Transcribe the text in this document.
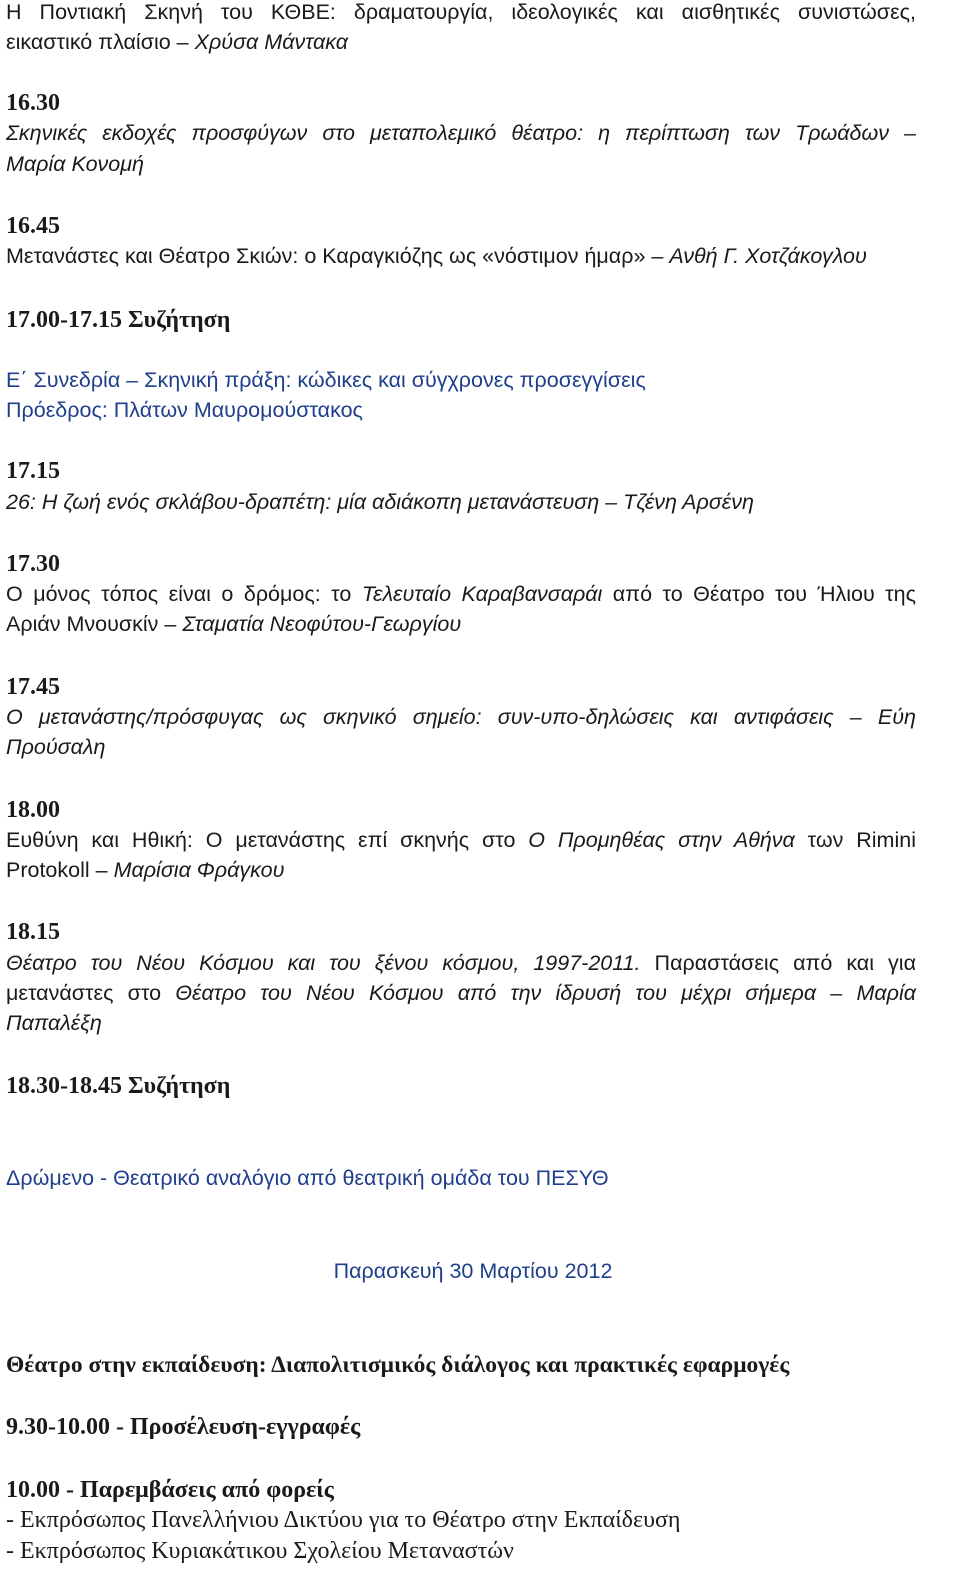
Η Ποντιακή Σκηνή του ΚΘΒΕ: δραματουργία, ιδεολογικές και αισθητικές συνιστώσες,
εικαστικό πλαίσιο – Χρύσα Μάντακα
16.30
Σκηνικές εκδοχές προσφύγων στο μεταπολεμικό θέατρο: η περίπτωση των Τρωάδων –
Μαρία Κονομή
16.45
Μετανάστες και Θέατρο Σκιών: ο Καραγκιόζης ως «νόστιμον ήμαρ» – Ανθή Γ. Χοτζάκογλου
17.00-17.15 Συζήτηση
Ε΄ Συνεδρία – Σκηνική πράξη: κώδικες και σύγχρονες προσεγγίσεις
Πρόεδρος: Πλάτων Μαυρομούστακος
17.15
26: Η ζωή ενός σκλάβου-δραπέτη: μία αδιάκοπη μετανάστευση – Τζένη Αρσένη
17.30
Ο μόνος τόπος είναι ο δρόμος: το Τελευταίο Καραβανσαράι από το Θέατρο του Ήλιου της
Αριάν Μνουσκίν – Σταματία Νεοφύτου-Γεωργίου
17.45
Ο μετανάστης/πρόσφυγας ως σκηνικό σημείο: συν-υπο-δηλώσεις και αντιφάσεις – Εύη
Προύσαλη
18.00
Ευθύνη και Ηθική: Ο μετανάστης επί σκηνής στο Ο Προμηθέας στην Αθήνα των Rimini
Protokoll – Μαρίσια Φράγκου
18.15
Θέατρο του Νέου Κόσμου και του ξένου κόσμου, 1997-2011. Παραστάσεις από και για
μετανάστες στο Θέατρο του Νέου Κόσμου από την ίδρυσή του μέχρι σήμερα – Μαρία
Παπαλέξη
18.30-18.45 Συζήτηση
Δρώμενο - Θεατρικό αναλόγιο από θεατρική ομάδα του ΠΕΣΥΘ
Παρασκευή 30 Μαρτίου 2012
Θέατρο στην εκπαίδευση: Διαπολιτισμικός διάλογος και πρακτικές εφαρμογές
9.30-10.00 - Προσέλευση-εγγραφές
10.00 - Παρεμβάσεις από φορείς
- Εκπρόσωπος Πανελλήνιου Δικτύου για το Θέατρο στην Εκπαίδευση
- Εκπρόσωπος Κυριακάτικου Σχολείου Μεταναστών
